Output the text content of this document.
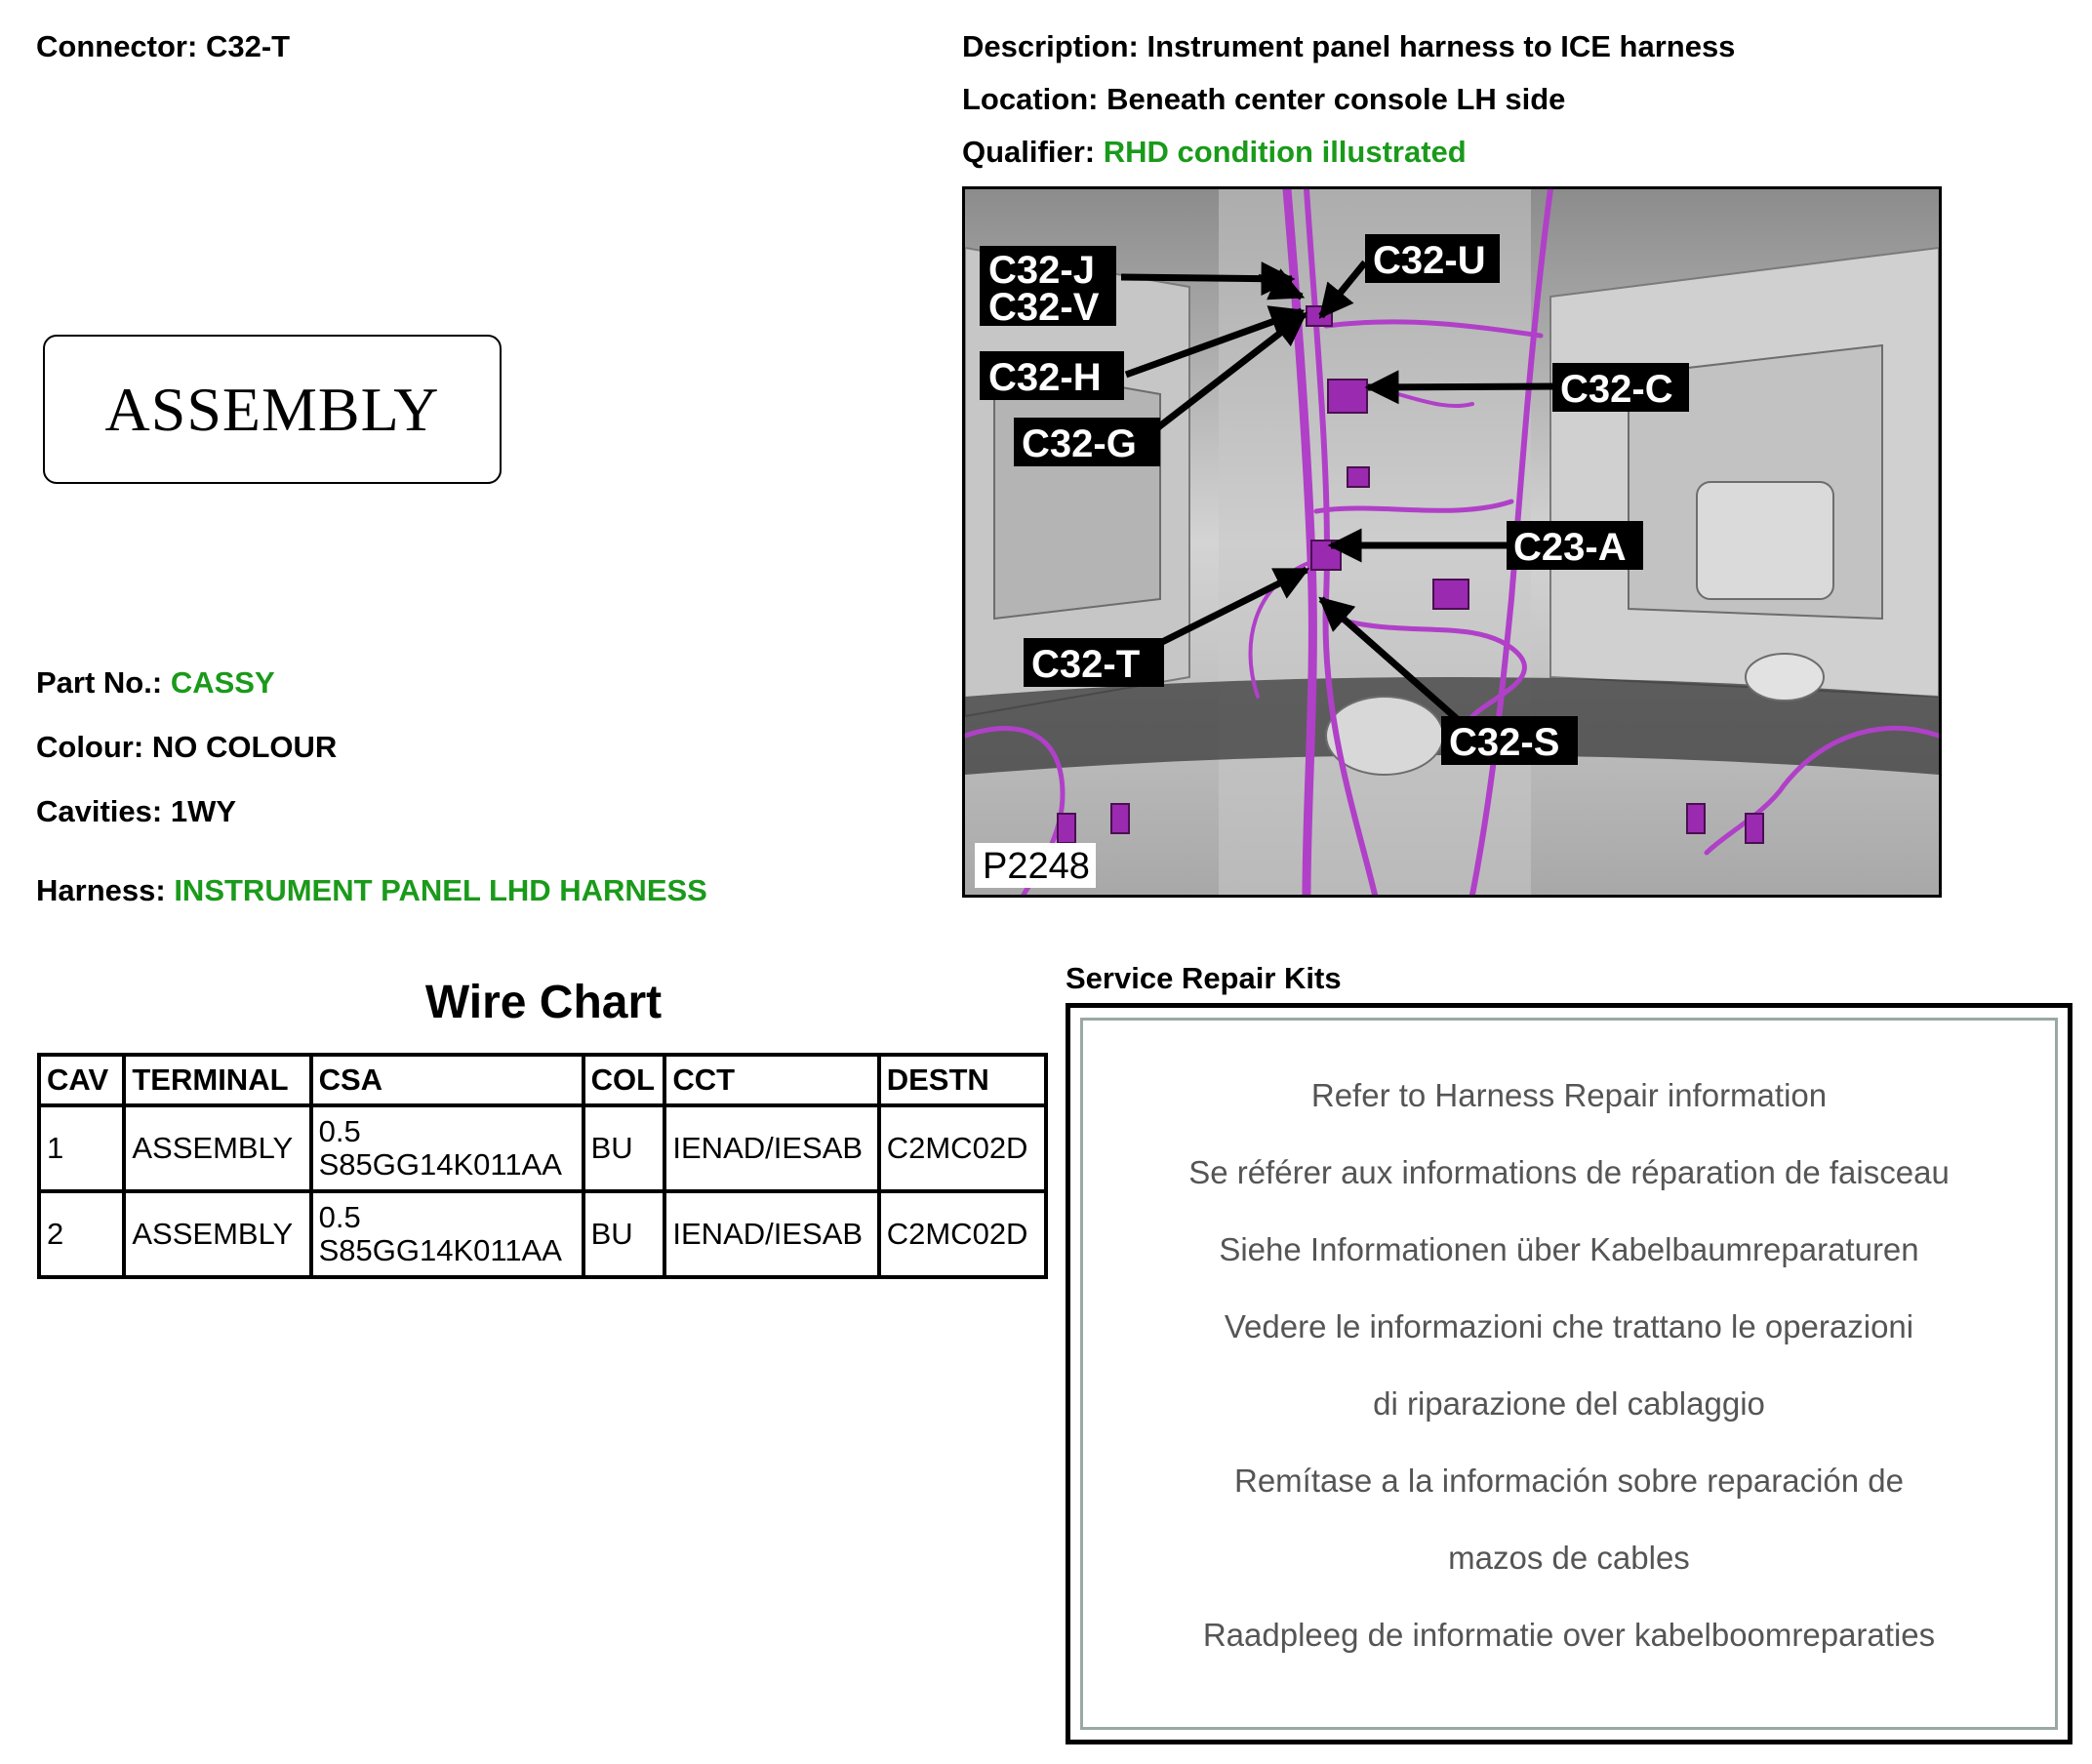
Connector: C32-T
ASSEMBLY
Part No.: CASSY
Colour: NO COLOUR
Cavities: 1WY
Harness: INSTRUMENT PANEL LHD HARNESS
Description: Instrument panel harness to ICE harness
Location: Beneath center console LH side
Qualifier: RHD condition illustrated
C32-J
C32-V
C32-U
C32-H	C32-C
C32-G
C23-A
C32-T
C32-S
P2248
Wire Chart
CAV	TERMINAL	CSA	COL	CCT	DESTN
1	ASSEMBLY	0.5
S85GG14K011AA	BU	IENAD/IESAB	C2MC02D
2	ASSEMBLY	0.5
S85GG14K011AA	BU	IENAD/IESAB	C2MC02D
Service Repair Kits
Refer to Harness Repair information
Se référer aux informations de réparation de faisceau
Siehe Informationen über Kabelbaumreparaturen
Vedere le informazioni che trattano le operazioni
di riparazione del cablaggio
Remítase a la información sobre reparación de
mazos de cables
Raadpleeg de informatie over kabelboomreparaties
